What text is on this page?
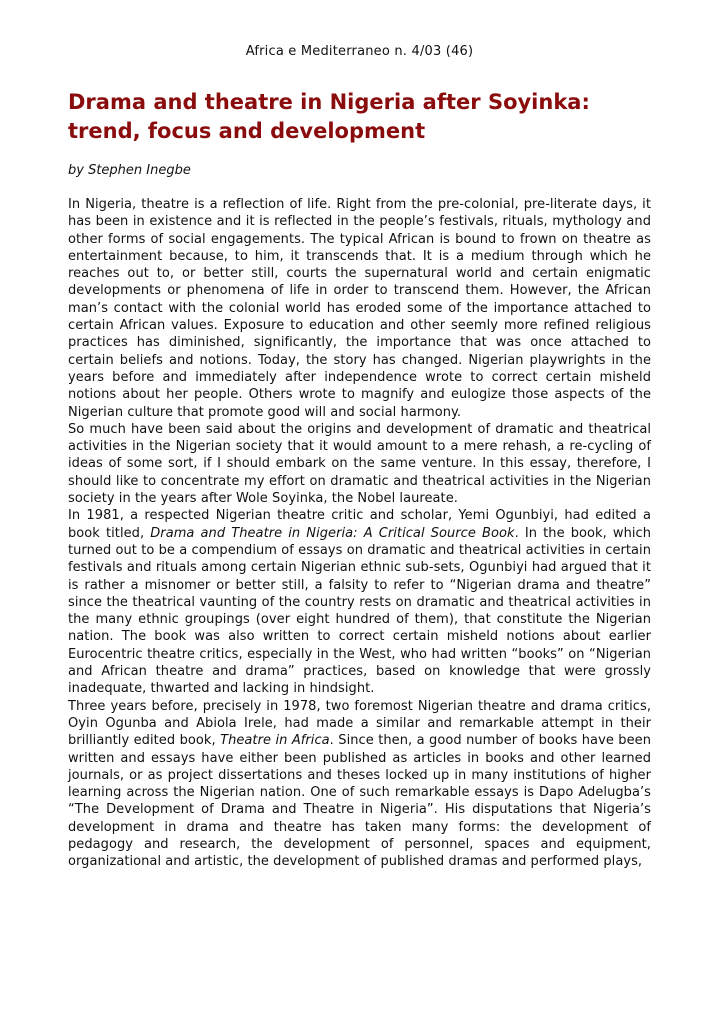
Africa e Mediterraneo n. 4/03 (46)
Drama and theatre in Nigeria after Soyinka: trend, focus and development
by Stephen Inegbe

In Nigeria, theatre is a reflection of life. Right from the pre-colonial, pre-literate days, it has been in existence and it is reflected in the people’s festivals, rituals, mythology and other forms of social engagements. The typical African is bound to frown on theatre as entertainment because, to him, it transcends that. It is a medium through which he reaches out to, or better still, courts the supernatural world and certain enigmatic developments or phenomena of life in order to transcend them. However, the African man’s contact with the colonial world has eroded some of the importance attached to certain African values. Exposure to education and other seemly more refined religious practices has diminished, significantly, the importance that was once attached to certain beliefs and notions. Today, the story has changed. Nigerian playwrights in the years before and immediately after independence wrote to correct certain misheld notions about her people. Others wrote to magnify and eulogize those aspects of the Nigerian culture that promote good will and social harmony.

So much have been said about the origins and development of dramatic and theatrical activities in the Nigerian society that it would amount to a mere rehash, a re-cycling of ideas of some sort, if I should embark on the same venture. In this essay, therefore, I should like to concentrate my effort on dramatic and theatrical activities in the Nigerian society in the years after Wole Soyinka, the Nobel laureate.

In 1981, a respected Nigerian theatre critic and scholar, Yemi Ogunbiyi, had edited a book titled, Drama and Theatre in Nigeria: A Critical Source Book. In the book, which turned out to be a compendium of essays on dramatic and theatrical activities in certain festivals and rituals among certain Nigerian ethnic sub-sets, Ogunbiyi had argued that it is rather a misnomer or better still, a falsity to refer to “Nigerian drama and theatre” since the theatrical vaunting of the country rests on dramatic and theatrical activities in the many ethnic groupings (over eight hundred of them), that constitute the Nigerian nation. The book was also written to correct certain misheld notions about earlier Eurocentric theatre critics, especially in the West, who had written “books” on “Nigerian and African theatre and drama” practices, based on knowledge that were grossly inadequate, thwarted and lacking in hindsight.

Three years before, precisely in 1978, two foremost Nigerian theatre and drama critics, Oyin Ogunba and Abiola Irele, had made a similar and remarkable attempt in their brilliantly edited book, Theatre in Africa. Since then, a good number of books have been written and essays have either been published as articles in books and other learned journals, or as project dissertations and theses locked up in many institutions of higher learning across the Nigerian nation. One of such remarkable essays is Dapo Adelugba’s “The Development of Drama and Theatre in Nigeria”. His disputations that Nigeria’s development in drama and theatre has taken many forms: the development of pedagogy and research, the development of personnel, spaces and equipment, organizational and artistic, the development of published dramas and performed plays,
